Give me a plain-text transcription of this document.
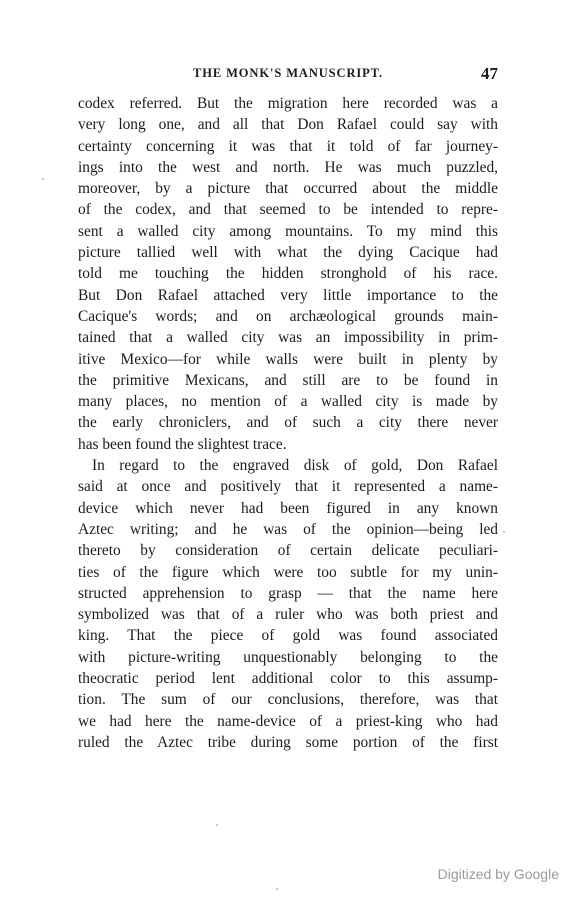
THE MONK'S MANUSCRIPT.	47
codex referred. But the migration here recorded was a
very long one, and all that Don Rafael could say with
certainty concerning it was that it told of far journey-
ings into the west and north. He was much puzzled,
moreover, by a picture that occurred about the middle
of the codex, and that seemed to be intended to repre-
sent a walled city among mountains. To my mind this
picture tallied well with what the dying Cacique had
told me touching the hidden stronghold of his race.
But Don Rafael attached very little importance to the
Cacique's words; and on archæological grounds main-
tained that a walled city was an impossibility in prim-
itive Mexico—for while walls were built in plenty by
the primitive Mexicans, and still are to be found in
many places, no mention of a walled city is made by
the early chroniclers, and of such a city there never
has been found the slightest trace.
In regard to the engraved disk of gold, Don Rafael
said at once and positively that it represented a name-
device which never had been figured in any known
Aztec writing; and he was of the opinion—being led
thereto by consideration of certain delicate peculiari-
ties of the figure which were too subtle for my unin-
structed apprehension to grasp — that the name here
symbolized was that of a ruler who was both priest and
king. That the piece of gold was found associated
with picture-writing unquestionably belonging to the
theocratic period lent additional color to this assump-
tion. The sum of our conclusions, therefore, was that
we had here the name-device of a priest-king who had
ruled the Aztec tribe during some portion of the first
Digitized by Google
